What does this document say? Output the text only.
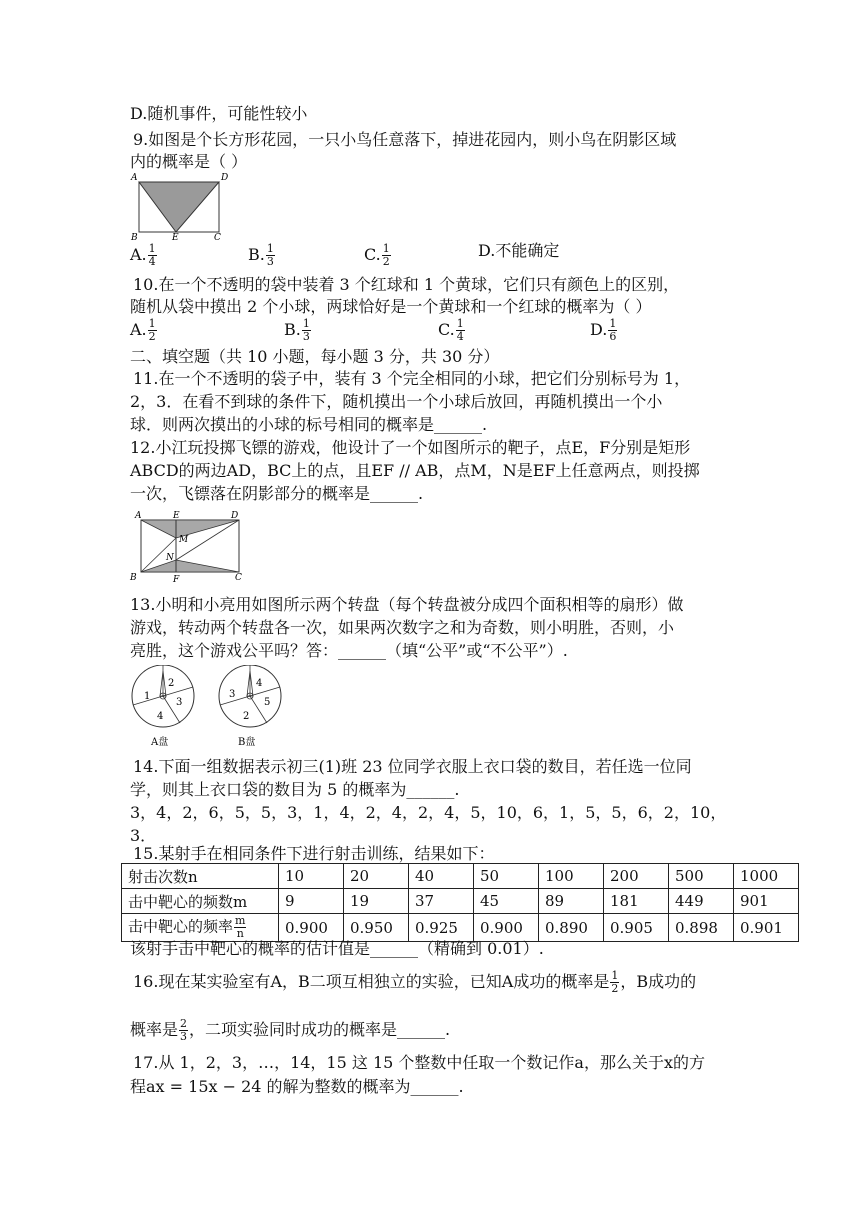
D.随机事件，可能性较小
9.如图是个长方形花园，一只小鸟任意落下，掉进花园内，则小鸟在阴影区域
内的概率是（ ）
A	D
B	E	C
A. $\frac{1}{4}$	B. $\frac{1}{3}$	C. $\frac{1}{2}$	D.不能确定
10.在一个不透明的袋中装着 3 个红球和 1 个黄球，它们只有颜色上的区别，
随机从袋中摸出 2 个小球，两球恰好是一个黄球和一个红球的概率为（ ）
A. $\frac{1}{2}$	B. $\frac{1}{3}$	C. $\frac{1}{4}$	D. $\frac{1}{6}$
二、填空题（共 10 小题，每小题 3 分，共 30 分）
11.在一个不透明的袋子中，装有 3 个完全相同的小球，把它们分别标号为 1，
2，3．在看不到球的条件下，随机摸出一个小球后放回，再随机摸出一个小
球．则两次摸出的小球的标号相同的概率是______.
12.小江玩投掷飞镖的游戏，他设计了一个如图所示的靶子，点E，F分别是矩形
ABCD的两边AD，BC上的点，且EF // AB，点M，N是EF上任意两点，则投掷
一次，飞镖落在阴影部分的概率是______.
A	E	D
M
N
B	F	C
13.小明和小亮用如图所示两个转盘（每个转盘被分成四个面积相等的扇形）做
游戏，转动两个转盘各一次，如果两次数字之和为奇数，则小明胜，否则，小
亮胜，这个游戏公平吗？答：______（填“公平”或“不公平”）.
1
2
3
4
A盘
3
4
5
2
B盘
14.下面一组数据表示初三(1)班 23 位同学衣服上衣口袋的数目，若任选一位同
学，则其上衣口袋的数目为 5 的概率为______.
3，4，2，6，5，5，3，1，4，2，4，2，4，5，10，6，1，5，5，6，2，10，
3．
15.某射手在相同条件下进行射击训练，结果如下：
射击次数n	10	20	40	50	100	200	500	1000
击中靶心的频数m	9	19	37	45	89	181	449	901
击中靶心的频率 $\frac{m}{n}$	0.900	0.950	0.925	0.900	0.890	0.905	0.898	0.901
该射手击中靶心的概率的估计值是______（精确到 0.01）.
16.现在某实验室有A，B二项互相独立的实验，已知A成功的概率是 $\frac{1}{2}$ ，B成功的
概率是 $\frac{2}{3}$ ，二项实验同时成功的概率是______.
17.从 1，2，3，…，14，15 这 15 个整数中任取一个数记作a，那么关于x的方
程ax = 15x − 24 的解为整数的概率为______.
